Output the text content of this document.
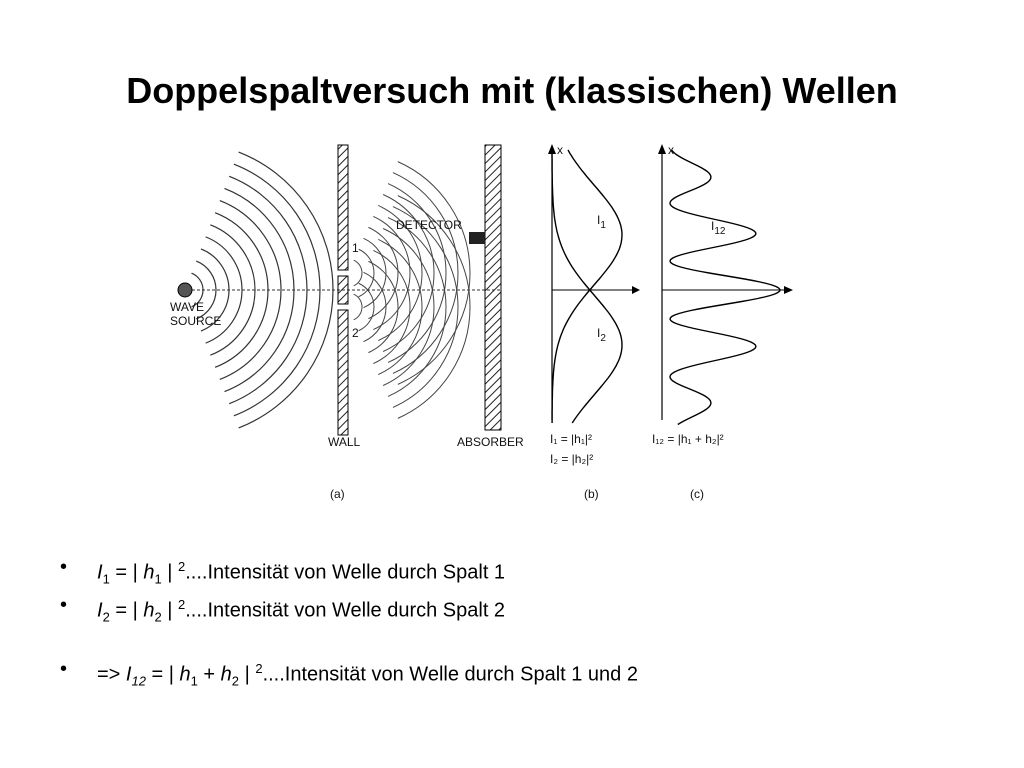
Doppelspaltversuch mit (klassischen) Wellen
WAVE
SOURCE
1
2
WALL
DETECTOR
ABSORBER
(a)
x
$I_1$
$I_2$
I₁ = |h₁|²
I₂ = |h₂|²
(b)
x
$I_{12}$
I₁₂ = |h₁ + h₂|²
(c)
• $I_1$ = | $h_1$ | $^2$....Intensität von Welle durch Spalt 1
• $I_2$ = | $h_2$ | $^2$....Intensität von Welle durch Spalt 2
• => $I_{12}$ = | $h_1 + h_2$ | $^2$....Intensität von Welle durch Spalt 1 und 2
